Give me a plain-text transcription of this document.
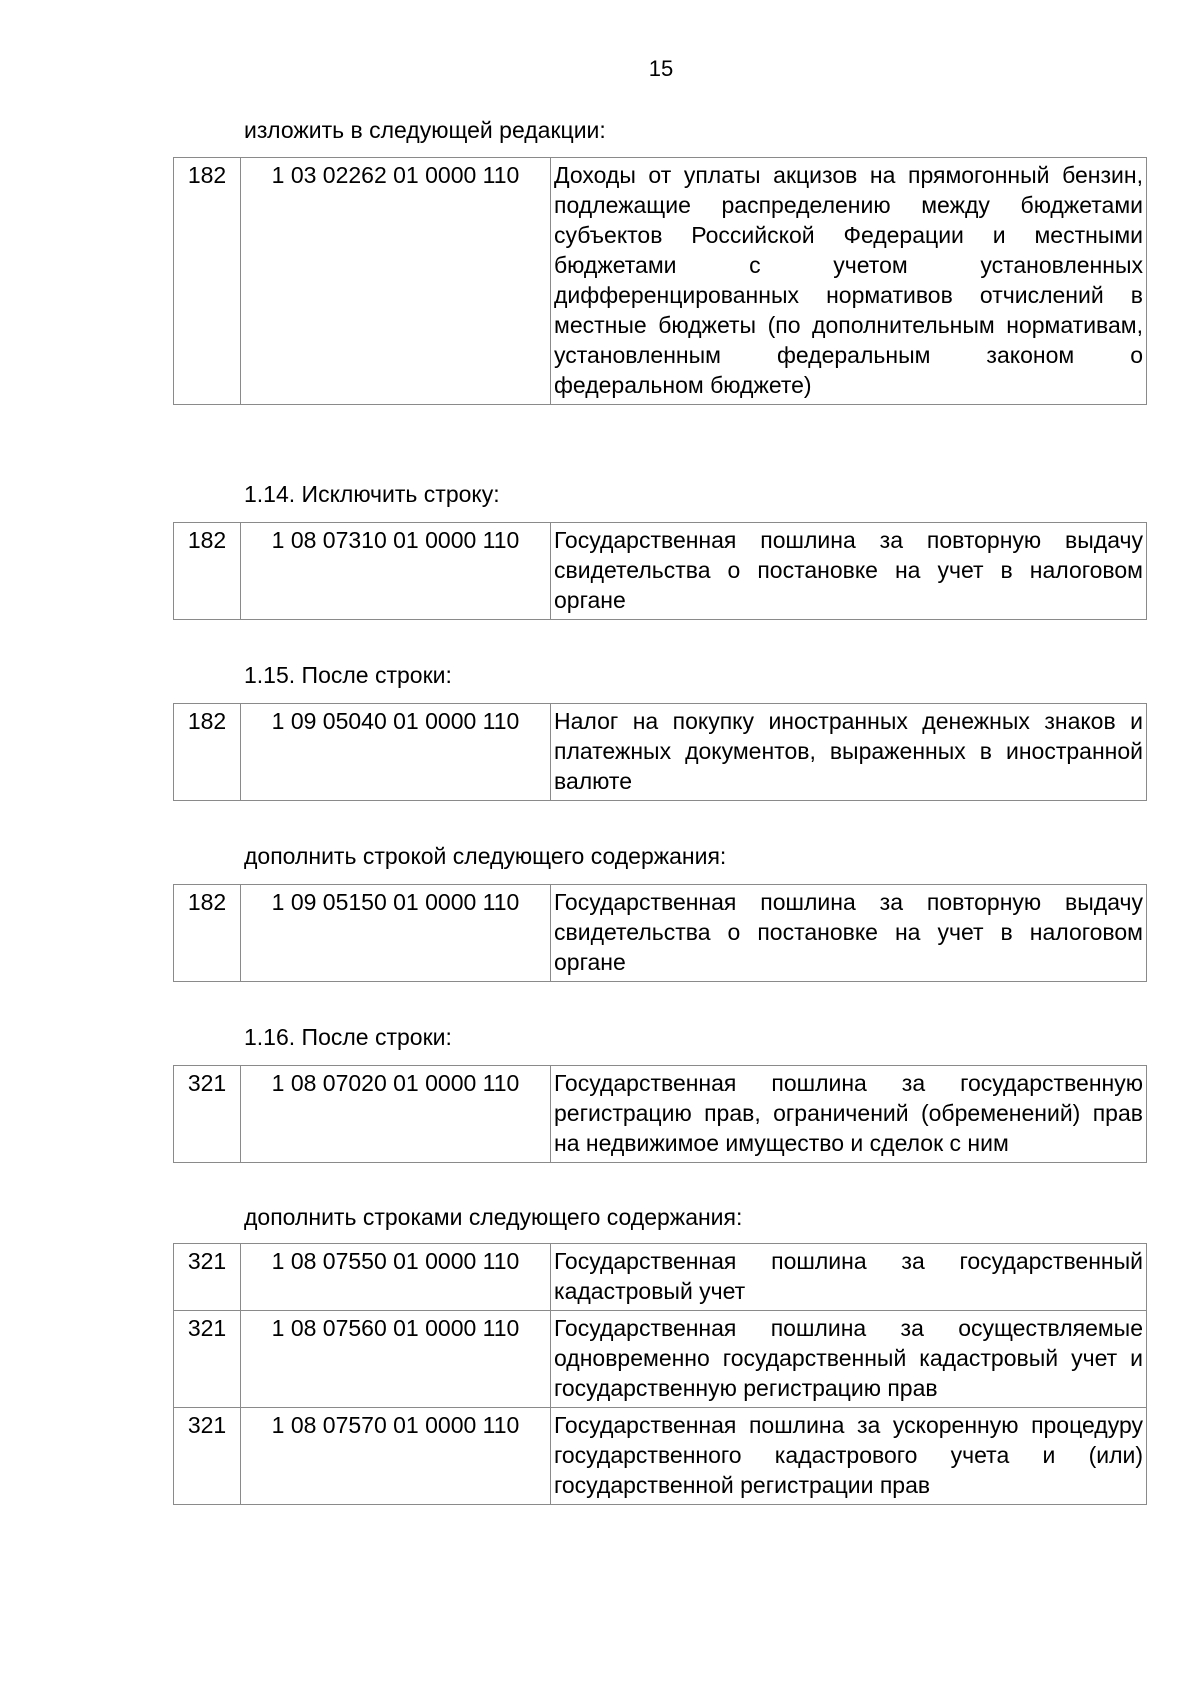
15
изложить в следующей редакции:
182	1 03 02262 01 0000 110	Доходы от уплаты акцизов на прямогонный бензин, подлежащие распределению между бюджетами субъектов Российской Федерации и местными бюджетами с учетом установленных дифференцированных нормативов отчислений в местные бюджеты (по дополнительным нормативам, установленным федеральным законом о федеральном бюджете)
1.14. Исключить строку:
182	1 08 07310 01 0000 110	Государственная пошлина за повторную выдачу свидетельства о постановке на учет в налоговом органе
1.15. После строки:
182	1 09 05040 01 0000 110	Налог на покупку иностранных денежных знаков и платежных документов, выраженных в иностранной валюте
дополнить строкой следующего содержания:
182	1 09 05150 01 0000 110	Государственная пошлина за повторную выдачу свидетельства о постановке на учет в налоговом органе
1.16. После строки:
321	1 08 07020 01 0000 110	Государственная пошлина за государственную регистрацию прав, ограничений (обременений) прав на недвижимое имущество и сделок с ним
дополнить строками следующего содержания:
321	1 08 07550 01 0000 110	Государственная пошлина за государственный кадастровый учет
321	1 08 07560 01 0000 110	Государственная пошлина за осуществляемые одновременно государственный кадастровый учет и государственную регистрацию прав
321	1 08 07570 01 0000 110	Государственная пошлина за ускоренную процедуру государственного кадастрового учета и (или) государственной регистрации прав
